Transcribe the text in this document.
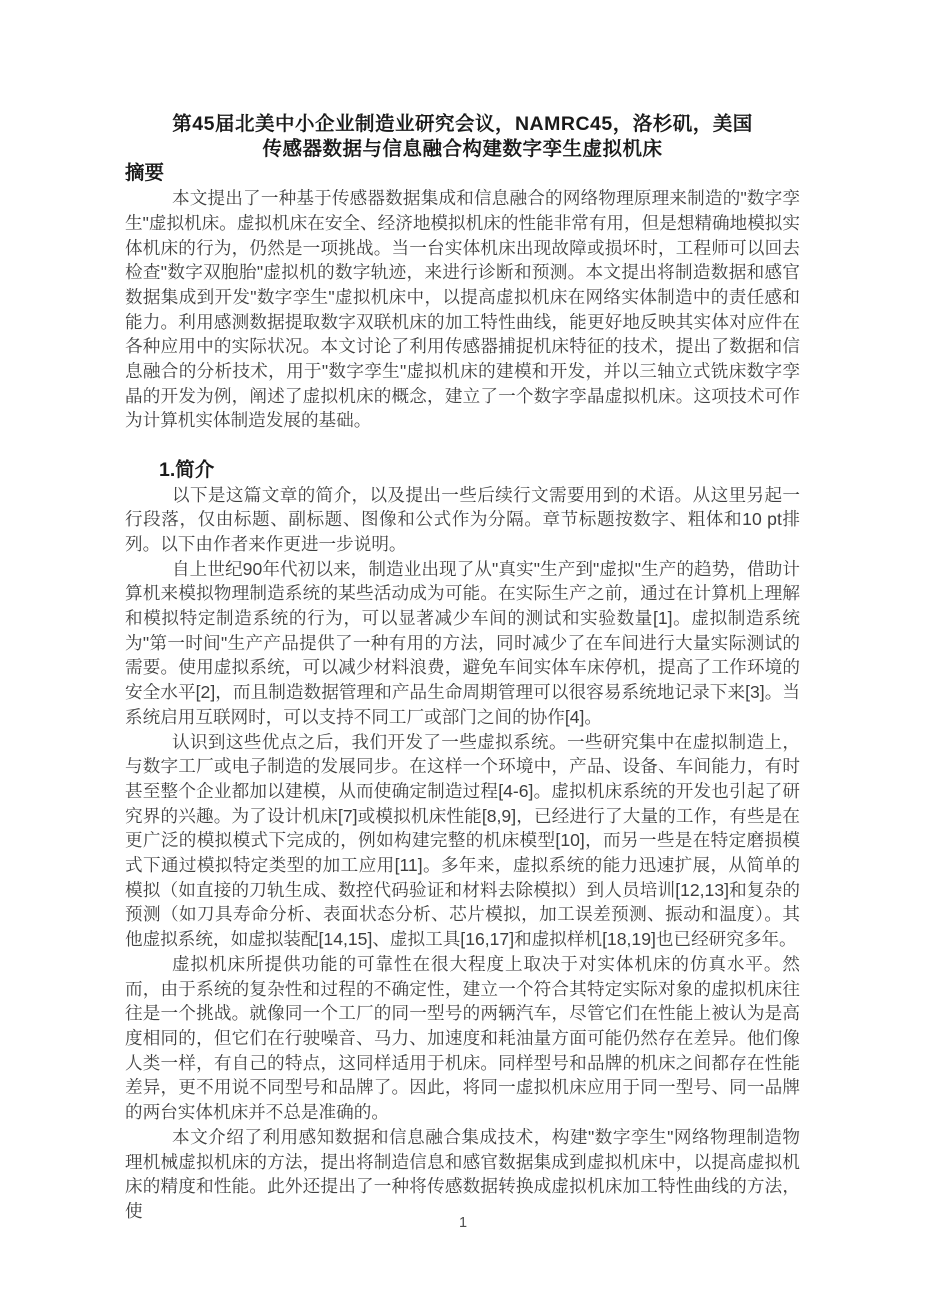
第45届北美中小企业制造业研究会议，NAMRC45，洛杉矶，美国
传感器数据与信息融合构建数字孪生虚拟机床
摘要

本文提出了一种基于传感器数据集成和信息融合的网络物理原理来制造的"数字孪生"虚拟机床。虚拟机床在安全、经济地模拟机床的性能非常有用，但是想精确地模拟实体机床的行为，仍然是一项挑战。当一台实体机床出现故障或损坏时，工程师可以回去检查"数字双胞胎"虚拟机的数字轨迹，来进行诊断和预测。本文提出将制造数据和感官数据集成到开发"数字孪生"虚拟机床中，以提高虚拟机床在网络实体制造中的责任感和能力。利用感测数据提取数字双联机床的加工特性曲线，能更好地反映其实体对应件在各种应用中的实际状况。本文讨论了利用传感器捕捉机床特征的技术，提出了数据和信息融合的分析技术，用于"数字孪生"虚拟机床的建模和开发，并以三轴立式铣床数字孪晶的开发为例，阐述了虚拟机床的概念，建立了一个数字孪晶虚拟机床。这项技术可作为计算机实体制造发展的基础。

1.简介

以下是这篇文章的简介，以及提出一些后续行文需要用到的术语。从这里另起一行段落，仅由标题、副标题、图像和公式作为分隔。章节标题按数字、粗体和10 pt排列。以下由作者来作更进一步说明。

自上世纪90年代初以来，制造业出现了从"真实"生产到"虚拟"生产的趋势，借助计算机来模拟物理制造系统的某些活动成为可能。在实际生产之前，通过在计算机上理解和模拟特定制造系统的行为，可以显著减少车间的测试和实验数量[1]。虚拟制造系统为"第一时间"生产产品提供了一种有用的方法，同时减少了在车间进行大量实际测试的需要。使用虚拟系统，可以减少材料浪费，避免车间实体车床停机，提高了工作环境的安全水平[2]，而且制造数据管理和产品生命周期管理可以很容易系统地记录下来[3]。当系统启用互联网时，可以支持不同工厂或部门之间的协作[4]。

认识到这些优点之后，我们开发了一些虚拟系统。一些研究集中在虚拟制造上，与数字工厂或电子制造的发展同步。在这样一个环境中，产品、设备、车间能力，有时甚至整个企业都加以建模，从而使确定制造过程[4-6]。虚拟机床系统的开发也引起了研究界的兴趣。为了设计机床[7]或模拟机床性能[8,9]，已经进行了大量的工作，有些是在更广泛的模拟模式下完成的，例如构建完整的机床模型[10]，而另一些是在特定磨损模式下通过模拟特定类型的加工应用[11]。多年来，虚拟系统的能力迅速扩展，从简单的模拟（如直接的刀轨生成、数控代码验证和材料去除模拟）到人员培训[12,13]和复杂的预测（如刀具寿命分析、表面状态分析、芯片模拟，加工误差预测、振动和温度）。其他虚拟系统，如虚拟装配[14,15]、虚拟工具[16,17]和虚拟样机[18,19]也已经研究多年。

虚拟机床所提供功能的可靠性在很大程度上取决于对实体机床的仿真水平。然而，由于系统的复杂性和过程的不确定性，建立一个符合其特定实际对象的虚拟机床往往是一个挑战。就像同一个工厂的同一型号的两辆汽车，尽管它们在性能上被认为是高度相同的，但它们在行驶噪音、马力、加速度和耗油量方面可能仍然存在差异。他们像人类一样，有自己的特点，这同样适用于机床。同样型号和品牌的机床之间都存在性能差异，更不用说不同型号和品牌了。因此，将同一虚拟机床应用于同一型号、同一品牌的两台实体机床并不总是准确的。

本文介绍了利用感知数据和信息融合集成技术，构建"数字孪生"网络物理制造物理机械虚拟机床的方法，提出将制造信息和感官数据集成到虚拟机床中，以提高虚拟机床的精度和性能。此外还提出了一种将传感数据转换成虚拟机床加工特性曲线的方法，使

1
